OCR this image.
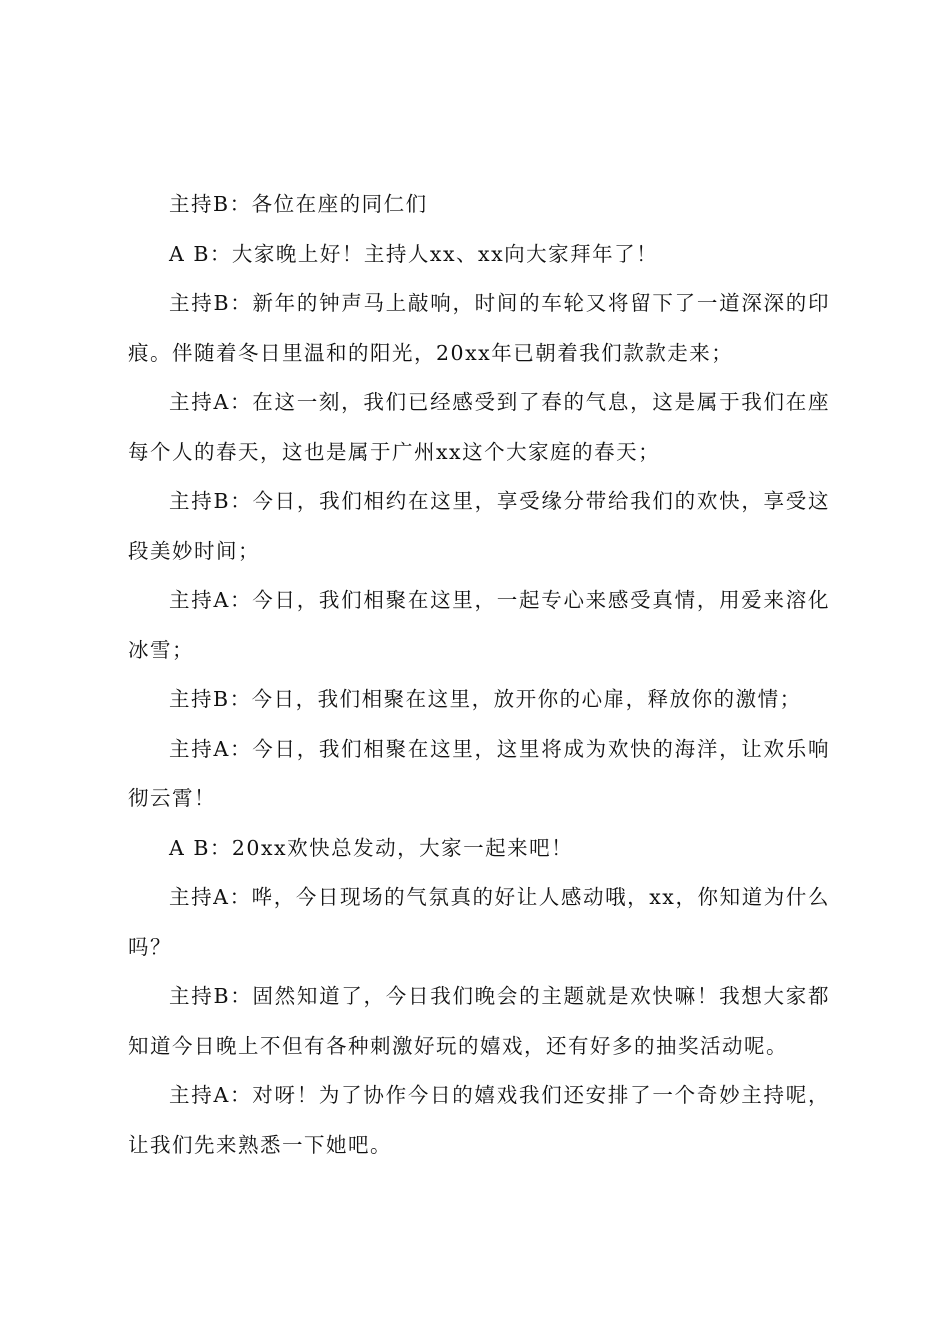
主持B：各位在座的同仁们

A B：大家晚上好！主持人xx、xx向大家拜年了！

主持B：新年的钟声马上敲响，时间的车轮又将留下了一道深深的印痕。伴随着冬日里温和的阳光，20xx年已朝着我们款款走来；

主持A：在这一刻，我们已经感受到了春的气息，这是属于我们在座每个人的春天，这也是属于广州xx这个大家庭的春天；

主持B：今日，我们相约在这里，享受缘分带给我们的欢快，享受这段美妙时间；

主持A：今日，我们相聚在这里，一起专心来感受真情，用爱来溶化冰雪；

主持B：今日，我们相聚在这里，放开你的心扉，释放你的激情；

主持A：今日，我们相聚在这里，这里将成为欢快的海洋，让欢乐响彻云霄！

A B：20xx欢快总发动，大家一起来吧！

主持A：哗，今日现场的气氛真的好让人感动哦，xx，你知道为什么吗？

主持B：固然知道了，今日我们晚会的主题就是欢快嘛！我想大家都知道今日晚上不但有各种刺激好玩的嬉戏，还有好多的抽奖活动呢。

主持A：对呀！为了协作今日的嬉戏我们还安排了一个奇妙主持呢，让我们先来熟悉一下她吧。
